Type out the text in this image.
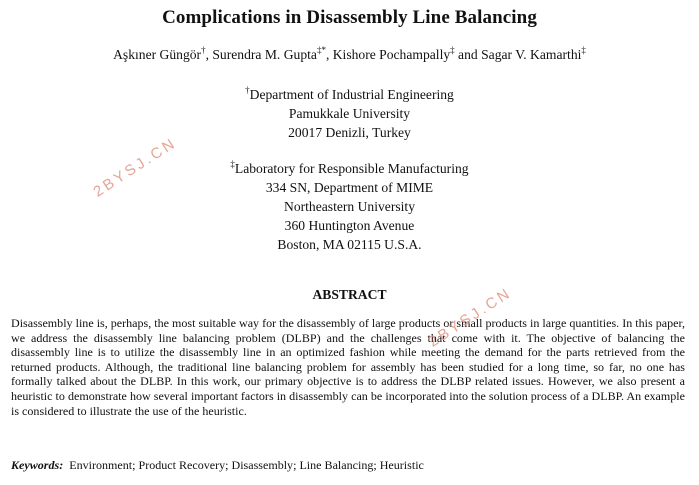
Complications in Disassembly Line Balancing
Aşkıner Güngör†, Surendra M. Gupta‡*, Kishore Pochampally‡ and Sagar V. Kamarthi‡
†Department of Industrial Engineering
Pamukkale University
20017 Denizli, Turkey
‡Laboratory for Responsible Manufacturing
334 SN, Department of MIME
Northeastern University
360 Huntington Avenue
Boston, MA 02115 U.S.A.
ABSTRACT

Disassembly line is, perhaps, the most suitable way for the disassembly of large products or small products in large quantities. In this paper, we address the disassembly line balancing problem (DLBP) and the challenges that come with it. The objective of balancing the disassembly line is to utilize the disassembly line in an optimized fashion while meeting the demand for the parts retrieved from the returned products. Although, the traditional line balancing problem for assembly has been studied for a long time, so far, no one has formally talked about the DLBP. In this work, our primary objective is to address the DLBP related issues. However, we also present a heuristic to demonstrate how several important factors in disassembly can be incorporated into the solution process of a DLBP. An example is considered to illustrate the use of the heuristic.

Keywords: Environment; Product Recovery; Disassembly; Line Balancing; Heuristic
2BYSJ.CN
2BYSJ.CN
